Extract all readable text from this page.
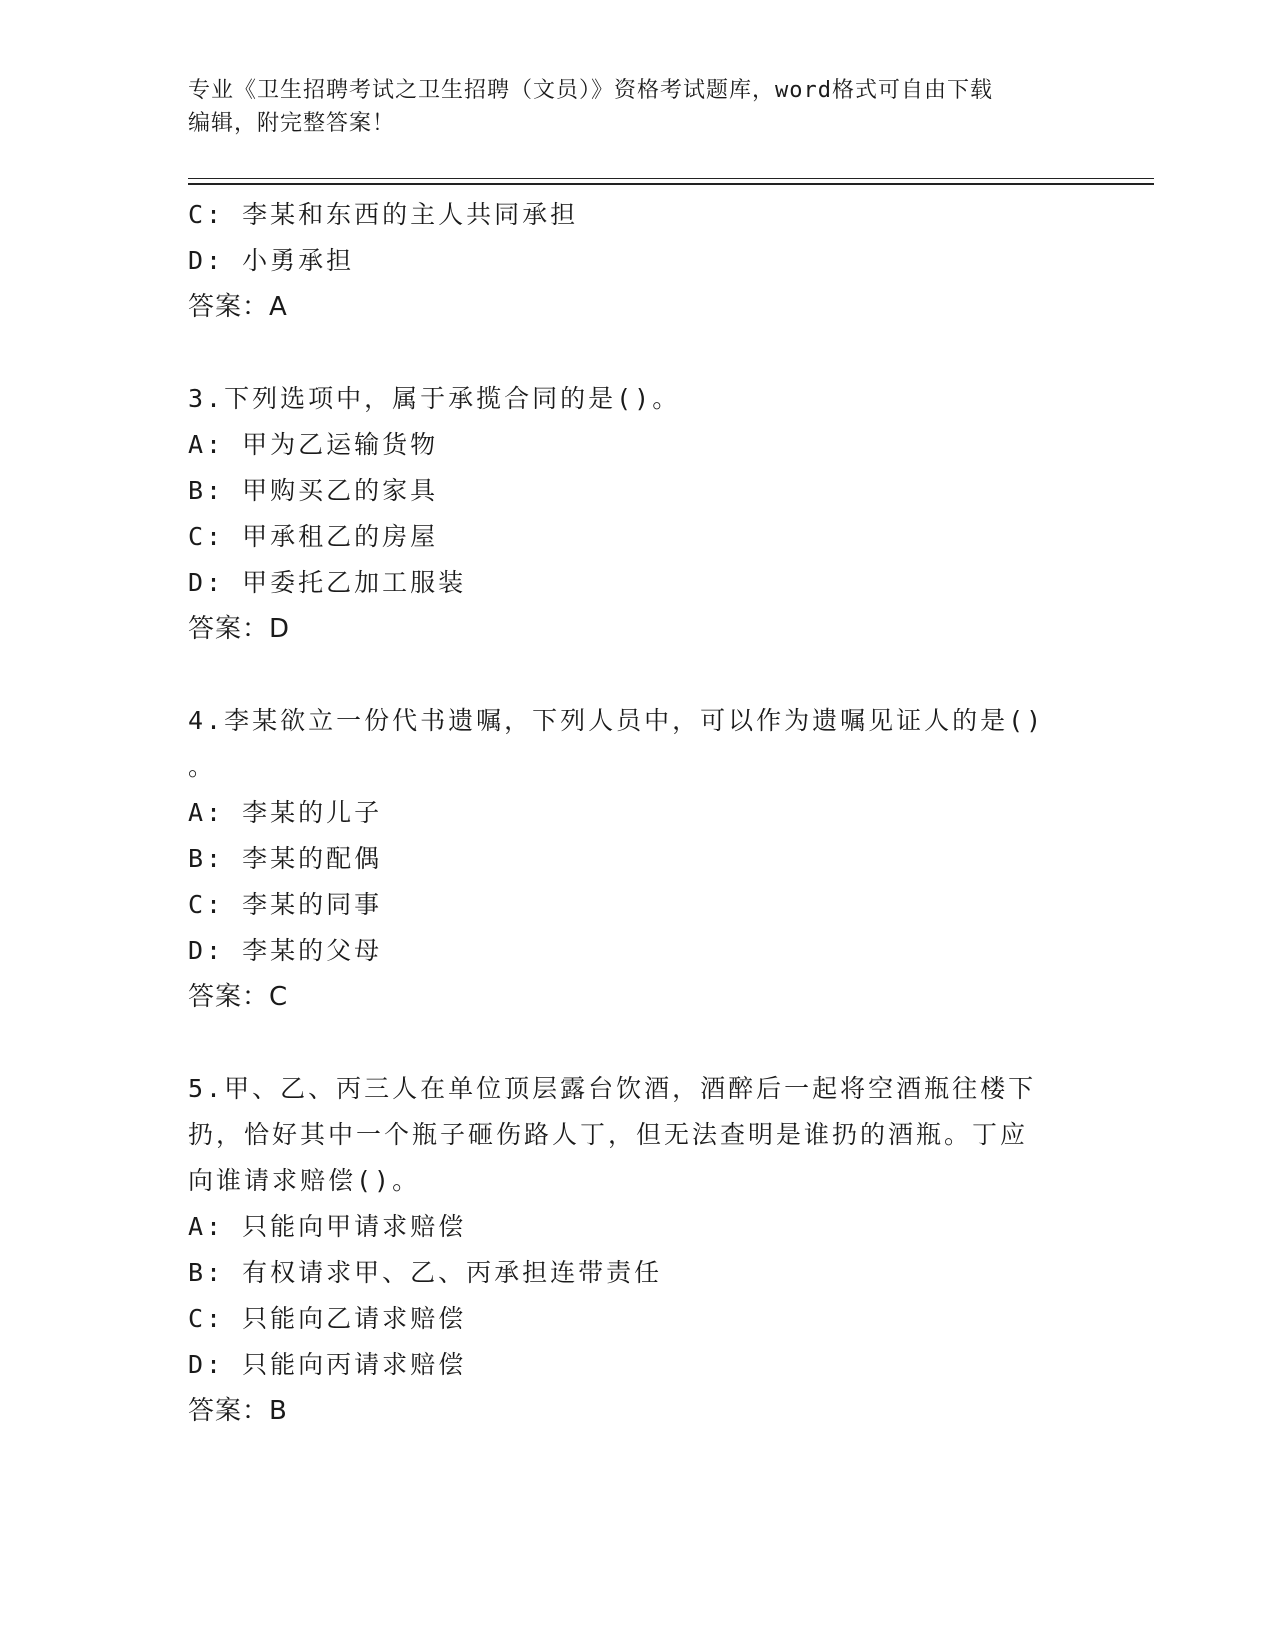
专业《卫生招聘考试之卫生招聘（文员）》资格考试题库，word格式可自由下载
编辑，附完整答案！
C: 李某和东西的主人共同承担
D: 小勇承担
答案：A
3.下列选项中，属于承揽合同的是()。
A: 甲为乙运输货物
B: 甲购买乙的家具
C: 甲承租乙的房屋
D: 甲委托乙加工服装
答案：D
4.李某欲立一份代书遗嘱，下列人员中，可以作为遗嘱见证人的是()
。
A: 李某的儿子
B: 李某的配偶
C: 李某的同事
D: 李某的父母
答案：C
5.甲、乙、丙三人在单位顶层露台饮酒，酒醉后一起将空酒瓶往楼下
扔，恰好其中一个瓶子砸伤路人丁，但无法查明是谁扔的酒瓶。丁应
向谁请求赔偿()。
A: 只能向甲请求赔偿
B: 有权请求甲、乙、丙承担连带责任
C: 只能向乙请求赔偿
D: 只能向丙请求赔偿
答案：B
